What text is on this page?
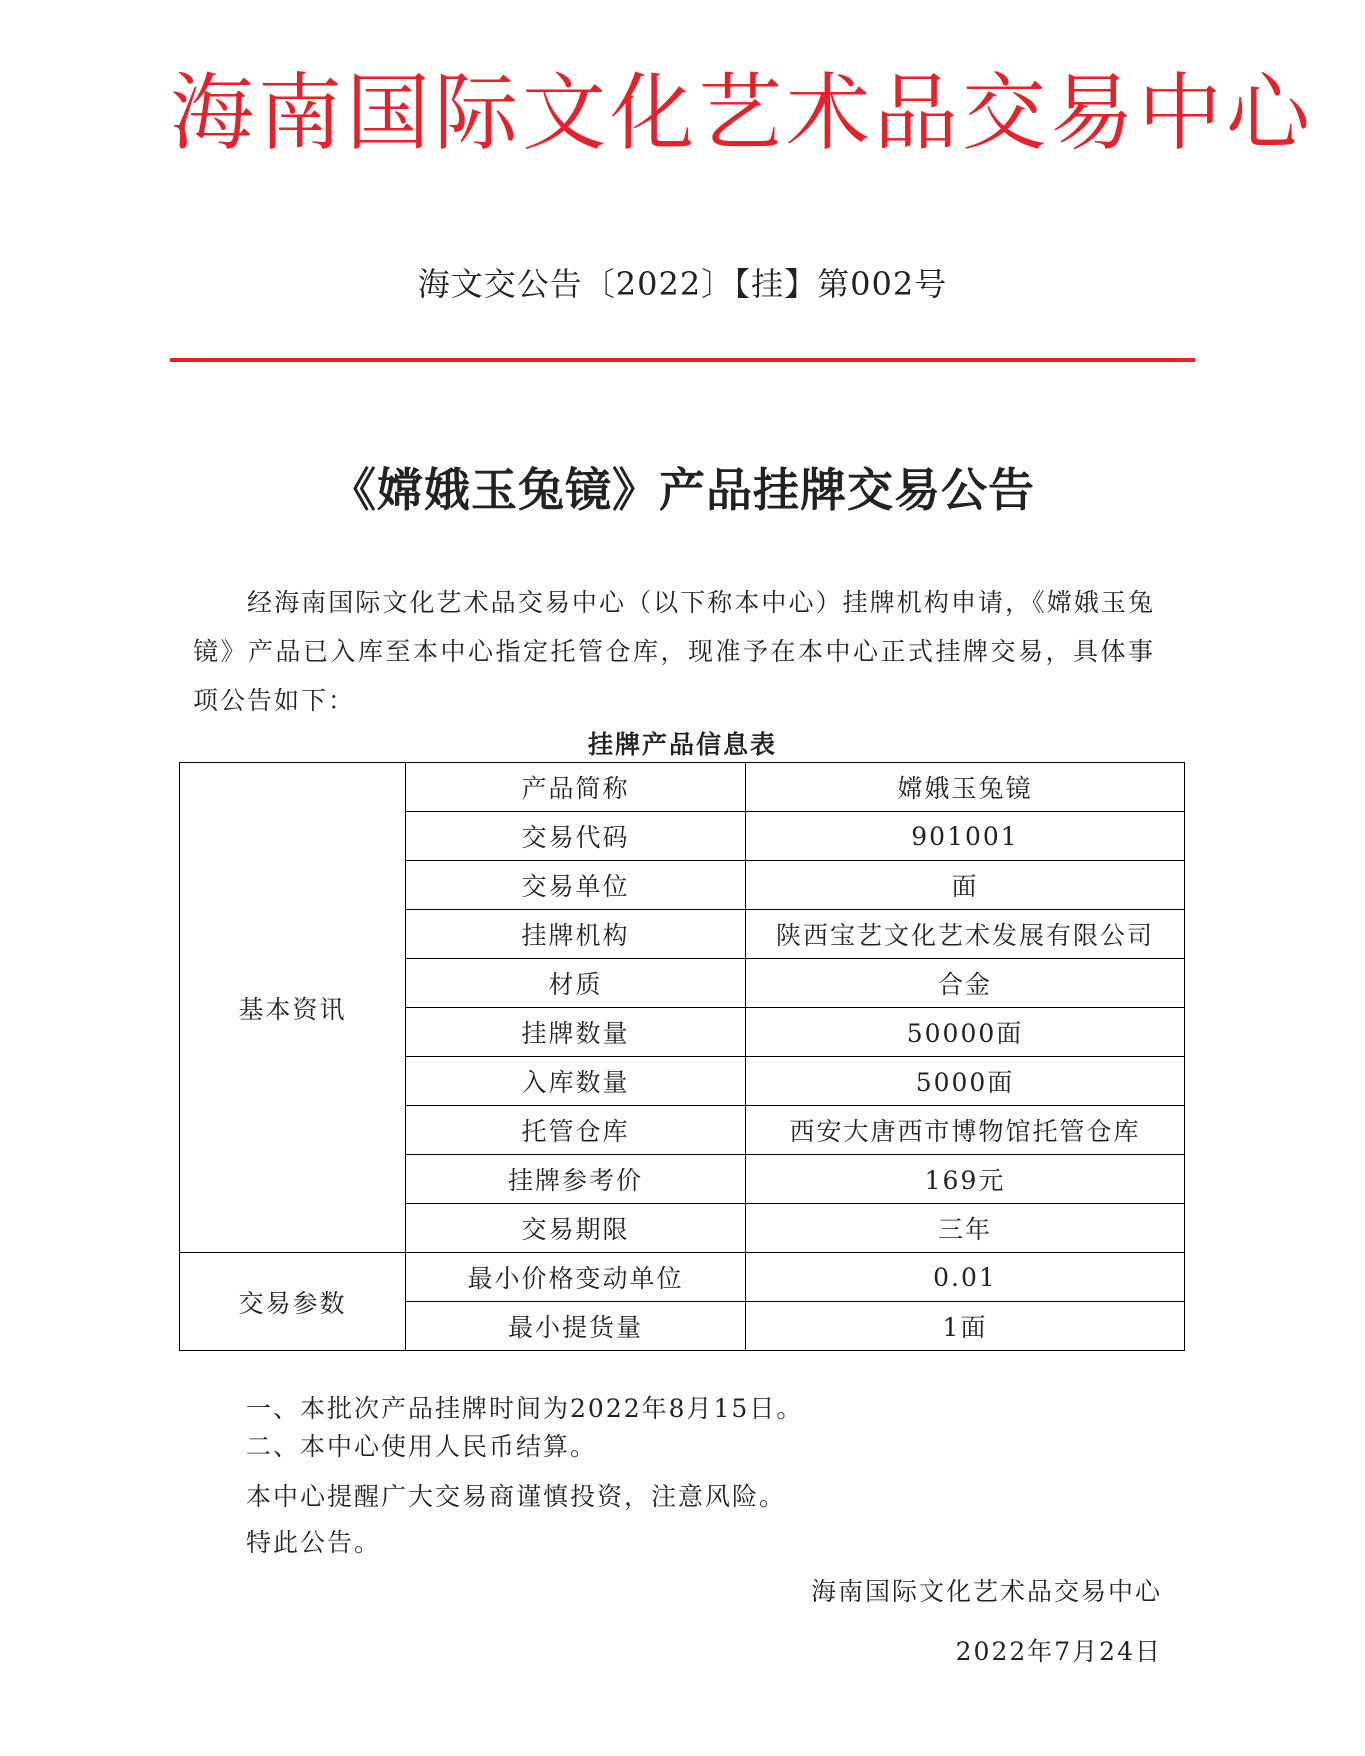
海南国际文化艺术品交易中心
海文交公告〔2022〕【挂】第002号
《嫦娥玉兔镜》产品挂牌交易公告

经海南国际文化艺术品交易中心（以下称本中心）挂牌机构申请，《嫦娥玉兔镜》产品已入库至本中心指定托管仓库，现准予在本中心正式挂牌交易，具体事项公告如下：

挂牌产品信息表
基本资讯	产品简称	嫦娥玉兔镜
	交易代码	901001
	交易单位	面
	挂牌机构	陕西宝艺文化艺术发展有限公司
	材质	合金
	挂牌数量	50000面
	入库数量	5000面
	托管仓库	西安大唐西市博物馆托管仓库
	挂牌参考价	169元
	交易期限	三年
交易参数	最小价格变动单位	0.01
	最小提货量	1面
一、本批次产品挂牌时间为2022年8月15日。
二、本中心使用人民币结算。
本中心提醒广大交易商谨慎投资，注意风险。
特此公告。
海南国际文化艺术品交易中心
2022年7月24日
